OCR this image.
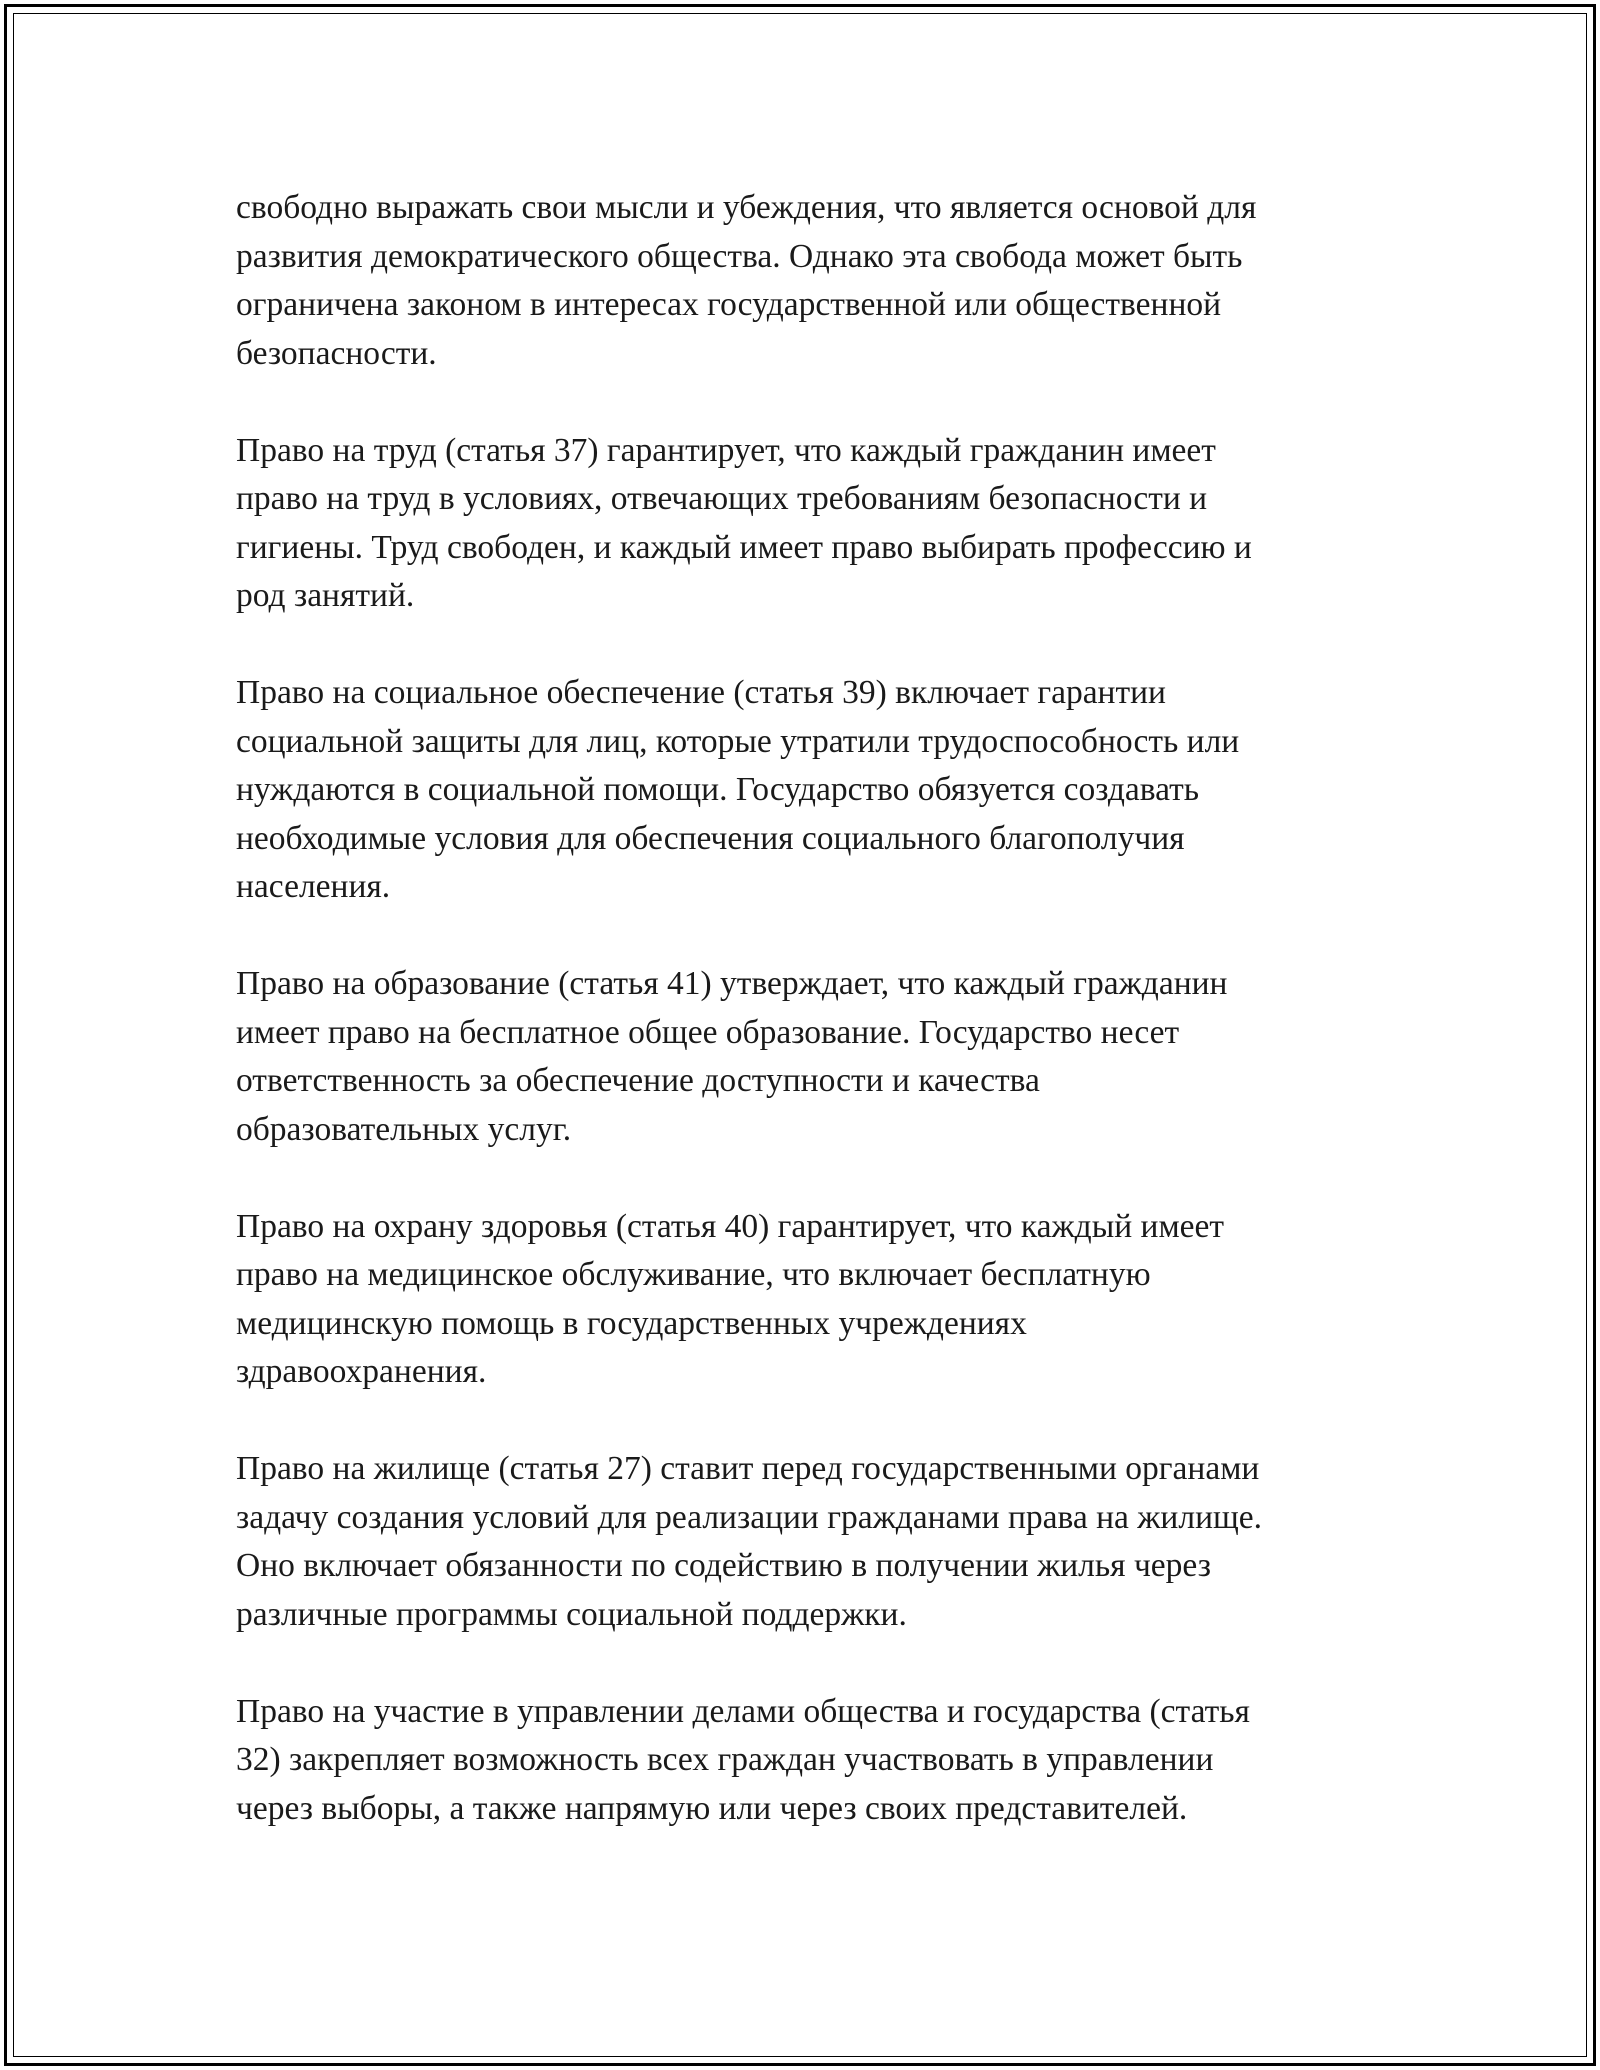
свободно выражать свои мысли и убеждения, что является основой для
развития демократического общества. Однако эта свобода может быть
ограничена законом в интересах государственной или общественной
безопасности.

Право на труд (статья 37) гарантирует, что каждый гражданин имеет
право на труд в условиях, отвечающих требованиям безопасности и
гигиены. Труд свободен, и каждый имеет право выбирать профессию и
род занятий.

Право на социальное обеспечение (статья 39) включает гарантии
социальной защиты для лиц, которые утратили трудоспособность или
нуждаются в социальной помощи. Государство обязуется создавать
необходимые условия для обеспечения социального благополучия
населения.

Право на образование (статья 41) утверждает, что каждый гражданин
имеет право на бесплатное общее образование. Государство несет
ответственность за обеспечение доступности и качества
образовательных услуг.

Право на охрану здоровья (статья 40) гарантирует, что каждый имеет
право на медицинское обслуживание, что включает бесплатную
медицинскую помощь в государственных учреждениях
здравоохранения.

Право на жилище (статья 27) ставит перед государственными органами
задачу создания условий для реализации гражданами права на жилище.
Оно включает обязанности по содействию в получении жилья через
различные программы социальной поддержки.

Право на участие в управлении делами общества и государства (статья
32) закрепляет возможность всех граждан участвовать в управлении
через выборы, а также напрямую или через своих представителей.
